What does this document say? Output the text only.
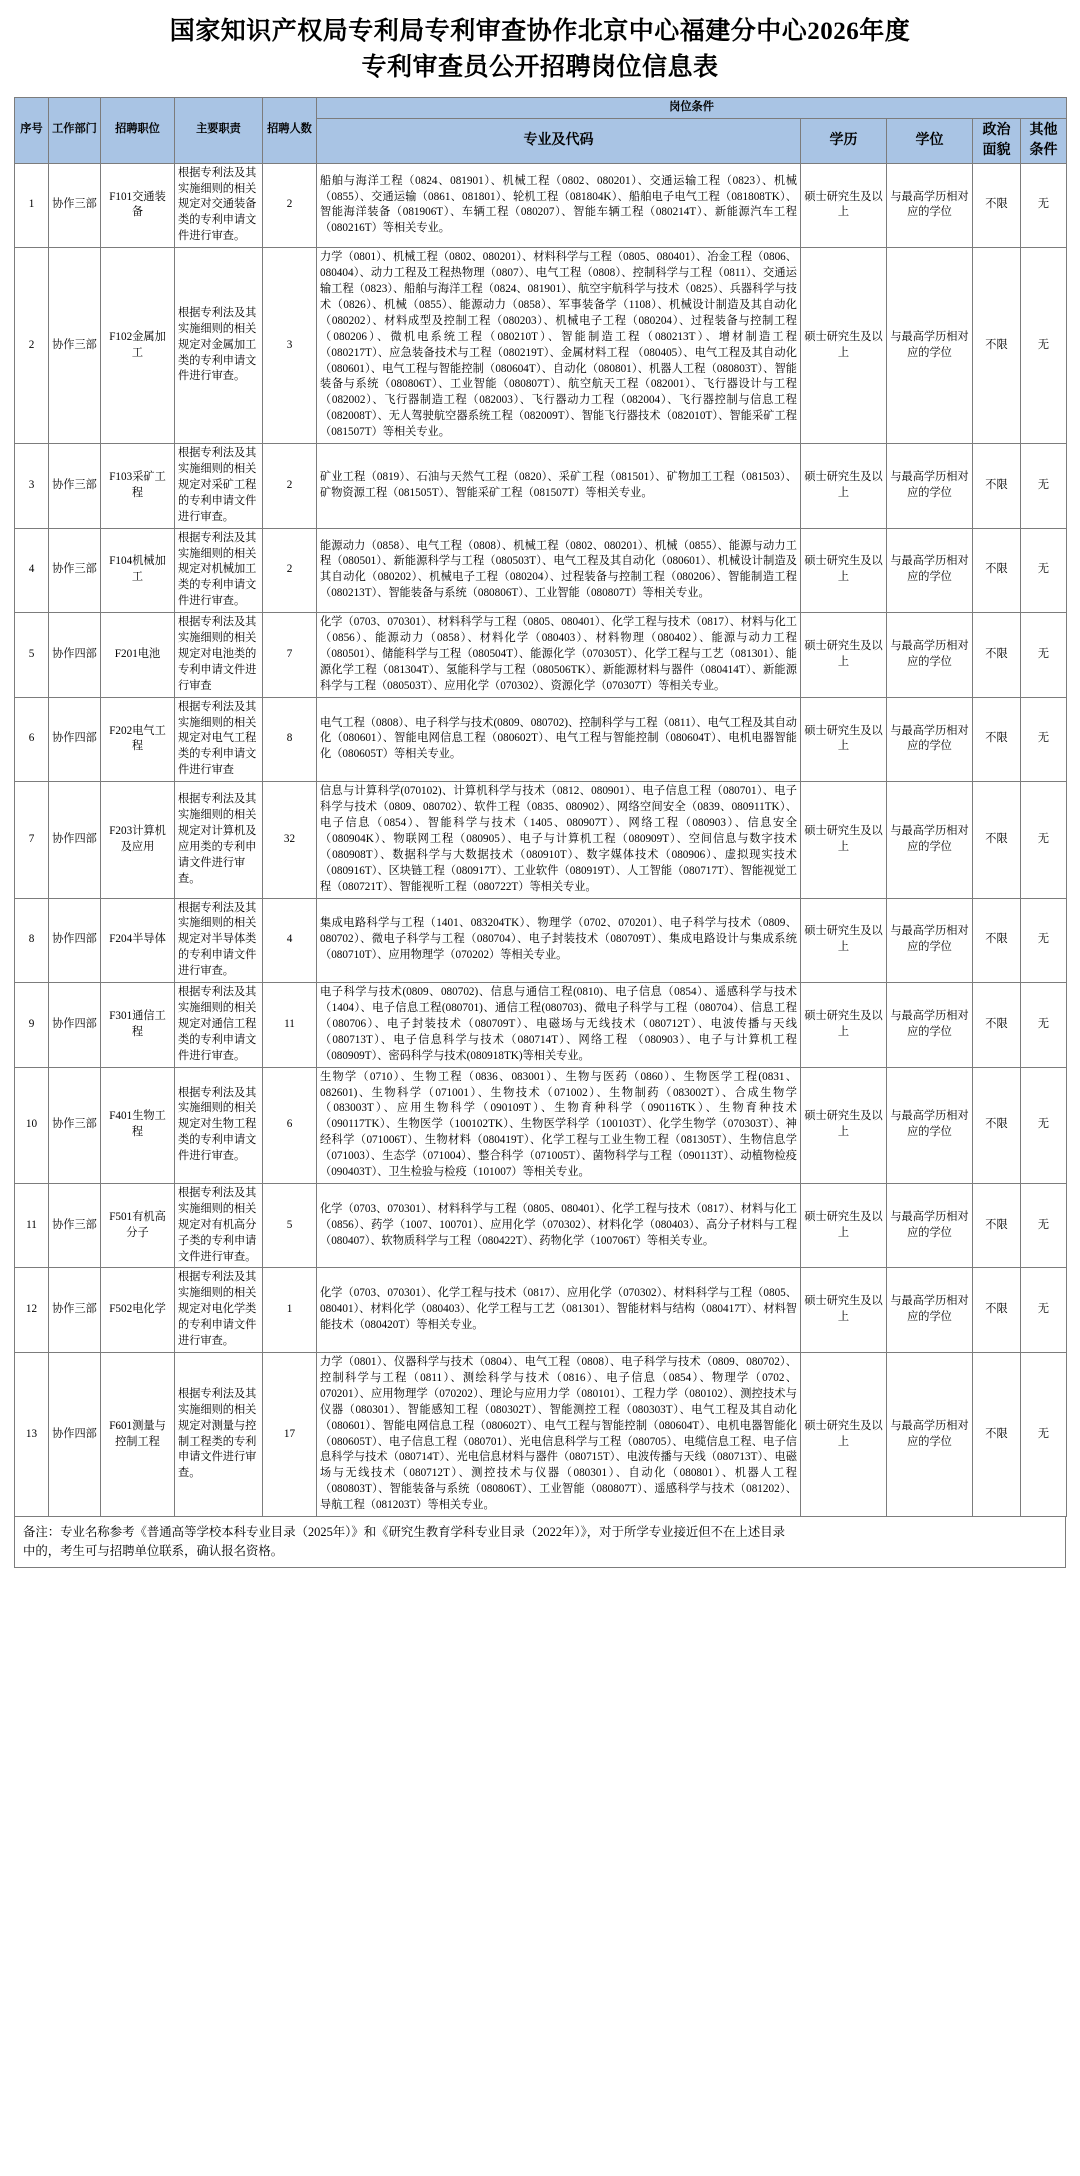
国家知识产权局专利局专利审查协作北京中心福建分中心2026年度
专利审查员公开招聘岗位信息表
序号	工作部门	招聘职位	主要职责	招聘人数	岗位条件				
					专业及代码	学历	学位	政治面貌	其他条件
1	协作三部	F101交通装备	根据专利法及其实施细则的相关规定对交通装备类的专利申请文件进行审查。	2	船舶与海洋工程（0824、081901）、机械工程（0802、080201）、交通运输工程（0823）、机械（0855）、交通运输（0861、081801）、轮机工程（081804K）、船舶电子电气工程（081808TK）、智能海洋装备（081906T）、车辆工程（080207）、智能车辆工程（080214T）、新能源汽车工程（080216T）等相关专业。	硕士研究生及以上	与最高学历相对应的学位	不限	无
2	协作三部	F102金属加工	根据专利法及其实施细则的相关规定对金属加工类的专利申请文件进行审查。	3	力学（0801）、机械工程（0802、080201）、材料科学与工程（0805、080401）、冶金工程（0806、080404）、动力工程及工程热物理（0807）、电气工程（0808）、控制科学与工程（0811）、交通运输工程（0823）、船舶与海洋工程（0824、081901）、航空宇航科学与技术（0825）、兵器科学与技术（0826）、机械（0855）、能源动力（0858）、军事装备学（1108）、机械设计制造及其自动化（080202）、材料成型及控制工程（080203）、机械电子工程（080204）、过程装备与控制工程（080206）、微机电系统工程（080210T）、智能制造工程（080213T）、增材制造工程（080217T）、应急装备技术与工程（080219T）、金属材料工程 （080405）、电气工程及其自动化（080601）、电气工程与智能控制（080604T）、自动化（080801）、机器人工程（080803T）、智能装备与系统（080806T）、工业智能（080807T）、航空航天工程（082001）、飞行器设计与工程（082002）、飞行器制造工程（082003）、飞行器动力工程（082004）、飞行器控制与信息工程（082008T）、无人驾驶航空器系统工程（082009T）、智能飞行器技术（082010T）、智能采矿工程（081507T）等相关专业。	硕士研究生及以上	与最高学历相对应的学位	不限	无
3	协作三部	F103采矿工程	根据专利法及其实施细则的相关规定对采矿工程的专利申请文件进行审查。	2	矿业工程（0819）、石油与天然气工程（0820）、采矿工程（081501）、矿物加工工程（081503）、矿物资源工程（081505T）、智能采矿工程（081507T）等相关专业。	硕士研究生及以上	与最高学历相对应的学位	不限	无
4	协作三部	F104机械加工	根据专利法及其实施细则的相关规定对机械加工类的专利申请文件进行审查。	2	能源动力（0858）、电气工程（0808）、机械工程（0802、080201）、机械（0855）、能源与动力工程（080501）、新能源科学与工程（080503T）、电气工程及其自动化（080601）、机械设计制造及其自动化（080202）、机械电子工程（080204）、过程装备与控制工程（080206）、智能制造工程（080213T）、智能装备与系统（080806T）、工业智能（080807T）等相关专业。	硕士研究生及以上	与最高学历相对应的学位	不限	无
5	协作四部	F201电池	根据专利法及其实施细则的相关规定对电池类的专利申请文件进行审查	7	化学（0703、070301）、材料科学与工程（0805、080401）、化学工程与技术（0817）、材料与化工（0856）、能源动力（0858）、材料化学（080403）、材料物理（080402）、能源与动力工程（080501）、储能科学与工程（080504T）、能源化学（070305T）、化学工程与工艺（081301）、能源化学工程（081304T）、氢能科学与工程（080506TK）、新能源材料与器件（080414T）、新能源科学与工程（080503T）、应用化学（070302）、资源化学（070307T）等相关专业。	硕士研究生及以上	与最高学历相对应的学位	不限	无
6	协作四部	F202电气工程	根据专利法及其实施细则的相关规定对电气工程类的专利申请文件进行审查	8	电气工程（0808）、电子科学与技术(0809、080702)、控制科学与工程（0811）、电气工程及其自动化（080601）、智能电网信息工程（080602T）、电气工程与智能控制（080604T）、电机电器智能化（080605T）等相关专业。	硕士研究生及以上	与最高学历相对应的学位	不限	无
7	协作四部	F203计算机及应用	根据专利法及其实施细则的相关规定对计算机及应用类的专利申请文件进行审查。	32	信息与计算科学(070102)、计算机科学与技术（0812、080901）、电子信息工程（080701）、电子科学与技术（0809、080702）、软件工程（0835、080902）、网络空间安全（0839、080911TK）、电子信息（0854）、智能科学与技术（1405、080907T）、网络工程（080903）、信息安全（080904K）、物联网工程（080905）、电子与计算机工程（080909T）、空间信息与数字技术（080908T）、数据科学与大数据技术（080910T）、数字媒体技术（080906）、虚拟现实技术（080916T）、区块链工程（080917T）、工业软件（080919T）、人工智能（080717T）、智能视觉工程（080721T）、智能视听工程（080722T）等相关专业。	硕士研究生及以上	与最高学历相对应的学位	不限	无
8	协作四部	F204半导体	根据专利法及其实施细则的相关规定对半导体类的专利申请文件进行审查。	4	集成电路科学与工程（1401、083204TK）、物理学（0702、070201）、电子科学与技术（0809、080702）、微电子科学与工程（080704）、电子封装技术（080709T）、集成电路设计与集成系统（080710T）、应用物理学（070202）等相关专业。	硕士研究生及以上	与最高学历相对应的学位	不限	无
9	协作四部	F301通信工程	根据专利法及其实施细则的相关规定对通信工程类的专利申请文件进行审查。	11	电子科学与技术(0809、080702)、信息与通信工程(0810)、电子信息（0854）、遥感科学与技术（1404）、电子信息工程(080701)、通信工程(080703)、微电子科学与工程（080704）、信息工程（080706）、电子封装技术（080709T）、电磁场与无线技术（080712T）、电波传播与天线（080713T）、电子信息科学与技术（080714T）、网络工程 （080903）、电子与计算机工程（080909T）、密码科学与技术(080918TK)等相关专业。	硕士研究生及以上	与最高学历相对应的学位	不限	无
10	协作三部	F401生物工程	根据专利法及其实施细则的相关规定对生物工程类的专利申请文件进行审查。	6	生物学（0710）、生物工程（0836、083001）、生物与医药（0860）、生物医学工程(0831、082601)、生物科学（071001）、生物技术（071002）、生物制药（083002T）、合成生物学（083003T）、应用生物科学（090109T）、生物育种科学（090116TK）、生物育种技术（090117TK）、生物医学（100102TK）、生物医学科学（100103T）、化学生物学（070303T）、神经科学（071006T）、生物材料（080419T）、化学工程与工业生物工程（081305T）、生物信息学（071003）、生态学（071004）、整合科学（071005T）、菌物科学与工程（090113T）、动植物检疫（090403T）、卫生检验与检疫（101007）等相关专业。	硕士研究生及以上	与最高学历相对应的学位	不限	无
11	协作三部	F501有机高分子	根据专利法及其实施细则的相关规定对有机高分子类的专利申请文件进行审查。	5	化学（0703、070301）、材料科学与工程（0805、080401）、化学工程与技术（0817）、材料与化工（0856）、药学（1007、100701）、应用化学（070302）、材料化学（080403）、高分子材料与工程（080407）、软物质科学与工程（080422T）、药物化学（100706T）等相关专业。	硕士研究生及以上	与最高学历相对应的学位	不限	无
12	协作三部	F502电化学	根据专利法及其实施细则的相关规定对电化学类的专利申请文件进行审查。	1	化学（0703、070301）、化学工程与技术（0817）、应用化学（070302）、材料科学与工程（0805、080401）、材料化学（080403）、化学工程与工艺（081301）、智能材料与结构（080417T）、材料智能技术（080420T）等相关专业。	硕士研究生及以上	与最高学历相对应的学位	不限	无
13	协作四部	F601测量与控制工程	根据专利法及其实施细则的相关规定对测量与控制工程类的专利申请文件进行审查。	17	力学（0801）、仪器科学与技术（0804）、电气工程（0808）、电子科学与技术（0809、080702）、控制科学与工程（0811）、测绘科学与技术（0816）、电子信息（0854）、物理学（0702、070201）、应用物理学（070202）、理论与应用力学（080101）、工程力学（080102）、测控技术与仪器（080301）、智能感知工程（080302T）、智能测控工程（080303T）、电气工程及其自动化（080601）、智能电网信息工程（080602T）、电气工程与智能控制（080604T）、电机电器智能化（080605T）、电子信息工程（080701）、光电信息科学与工程（080705）、电缆信息工程、电子信息科学与技术（080714T）、光电信息材料与器件（080715T）、电波传播与天线（080713T）、电磁场与无线技术（080712T）、测控技术与仪器（080301）、自动化（080801）、机器人工程（080803T）、智能装备与系统（080806T）、工业智能（080807T）、遥感科学与技术（081202）、导航工程（081203T）等相关专业。	硕士研究生及以上	与最高学历相对应的学位	不限	无
备注：专业名称参考《普通高等学校本科专业目录（2025年）》和《研究生教育学科专业目录（2022年）》，对于所学专业接近但不在上述目录
中的，考生可与招聘单位联系，确认报名资格。
